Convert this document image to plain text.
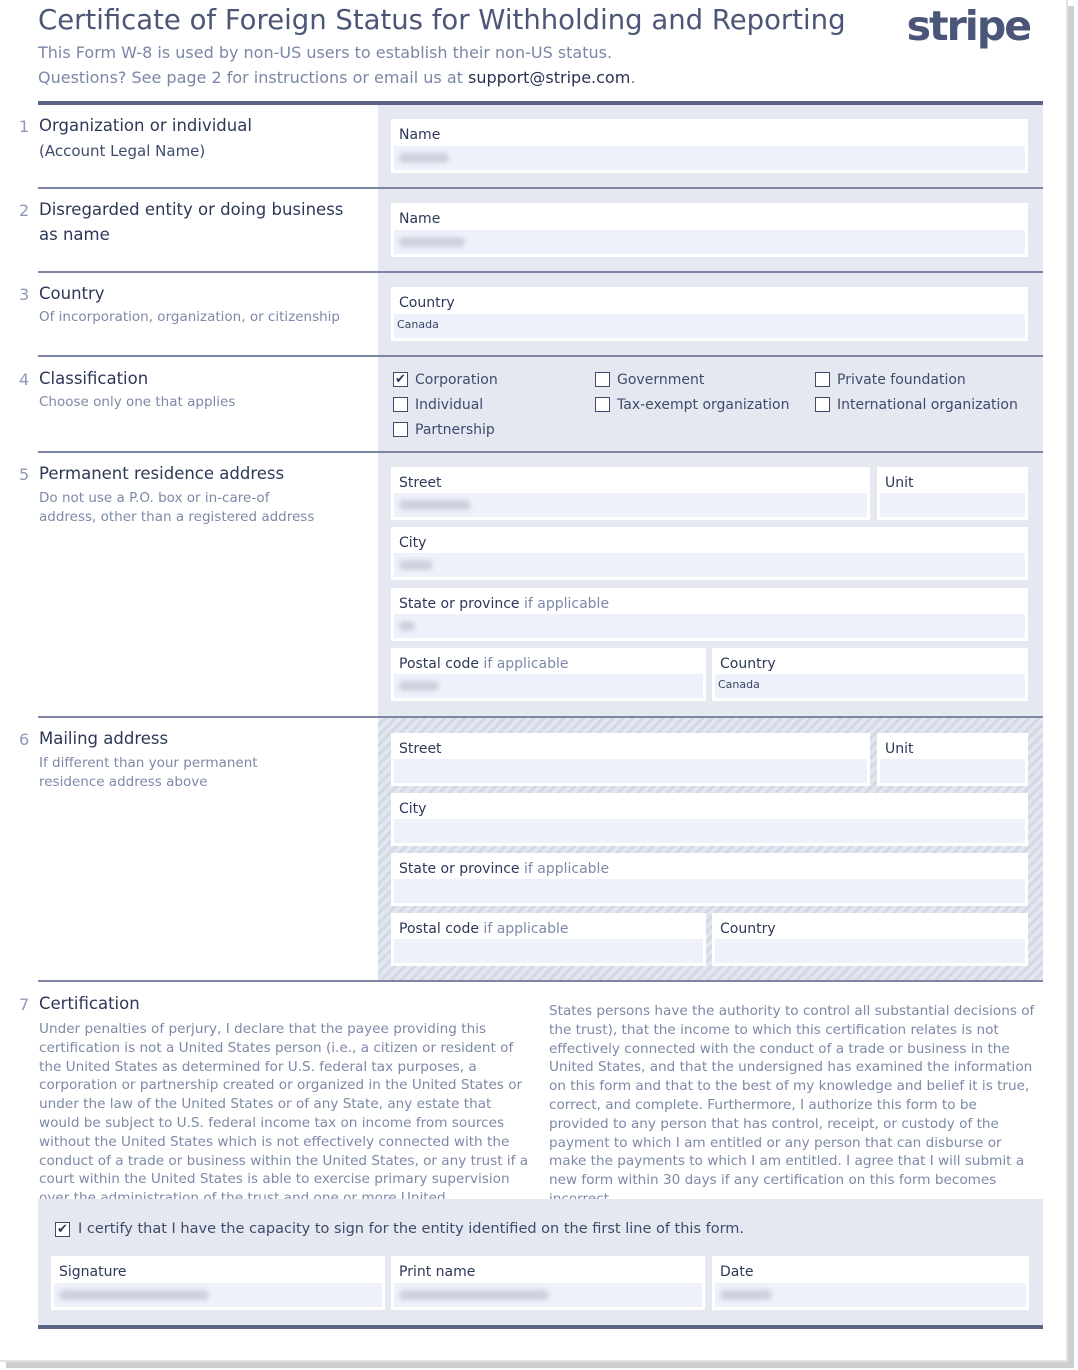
Certificate of Foreign Status for Withholding and Reporting
This Form W-8 is used by non-US users to establish their non-US status.
Questions? See page 2 for instructions or email us at support@stripe.com.
stripe
Name
1 Organization or individual
(Account Legal Name)
Name
2 Disregarded entity or doing business as name
Country
Canada
3 Country
Of incorporation, organization, or citizenship
4 Classification
Choose only one that applies
✔ Corporation	Government	Private foundation
Individual	Tax-exempt organization	International organization
Partnership
Street	Unit
City
State or province if applicable
Postal code if applicable	Country
Canada
5 Permanent residence address
Do not use a P.O. box or in-care-of address, other than a registered address
Street	Unit
City
State or province if applicable
Postal code if applicable	Country
6 Mailing address
If different than your permanent residence address above
7 Certification
Under penalties of perjury, I declare that the payee providing this certification is not a United States person (i.e., a citizen or resident of the United States as determined for U.S. federal tax purposes, a corporation or partnership created or organized in the United States or under the law of the United States or of any State, any estate that would be subject to U.S. federal income tax on income from sources without the United States which is not effectively connected with the conduct of a trade or business within the United States, or any trust if a court within the United States is able to exercise primary supervision
States persons have the authority to control all substantial decisions of the trust), that the income to which this certification relates is not effectively connected with the conduct of a trade or business in the United States, and that the undersigned has examined the information on this form and that to the best of my knowledge and belief it is true, correct, and complete. Furthermore, I authorize this form to be provided to any person that has control, receipt, or custody of the payment to which I am entitled or any person that can disburse or make the payments to which I am entitled. I agree that I will submit a new form within 30 days if any certification on this form becomes
Signature	Print name	Date
✔ I certify that I have the capacity to sign for the entity identified on the first line of this form.
